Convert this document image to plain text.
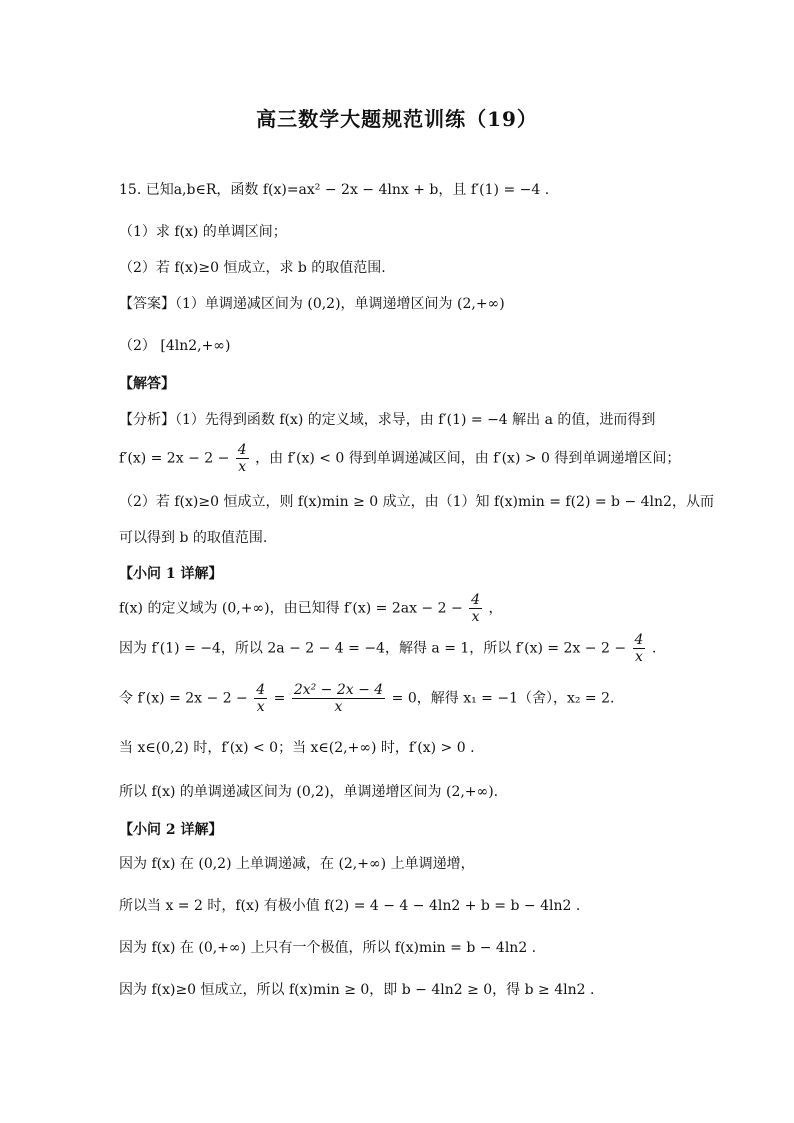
高三数学大题规范训练（19）
15. 已知a,b∈R，函数 f(x)=ax² − 2x − 4lnx + b，且 f′(1) = −4 .
（1）求 f(x) 的单调区间；
（2）若 f(x)≥0 恒成立，求 b 的取值范围.
【答案】（1）单调递减区间为 (0,2)，单调递增区间为 (2,+∞)
（2） [4ln2,+∞)
【解答】
【分析】（1）先得到函数 f(x) 的定义域，求导，由 f′(1) = −4 解出 a 的值，进而得到
$f'(x) = 2x - 2 - \frac{4}{x}$ ，由 f′(x) < 0 得到单调递减区间，由 f′(x) > 0 得到单调递增区间；
（2）若 f(x)≥0 恒成立，则 f(x)min ≥ 0 成立，由（1）知 f(x)min = f(2) = b − 4ln2，从而
可以得到 b 的取值范围.
【小问 1 详解】
f(x) 的定义域为 (0,+∞)，由已知得 $f'(x) = 2ax - 2 - \frac{4}{x}$ ，
因为 f′(1) = −4，所以 2a − 2 − 4 = −4，解得 a = 1，所以 $f'(x) = 2x - 2 - \frac{4}{x}$ .
令 $f'(x) = 2x - 2 - \frac{4}{x} = \frac{\text{2x² − 2x − 4}}{x} = 0$，解得 x₁ = −1（舍），x₂ = 2.
当 x∈(0,2) 时，f′(x) < 0；当 x∈(2,+∞) 时，f′(x) > 0 .
所以 f(x) 的单调递减区间为 (0,2)，单调递增区间为 (2,+∞).
【小问 2 详解】
因为 f(x) 在 (0,2) 上单调递减，在 (2,+∞) 上单调递增，
所以当 x = 2 时，f(x) 有极小值 f(2) = 4 − 4 − 4ln2 + b = b − 4ln2 .
因为 f(x) 在 (0,+∞) 上只有一个极值，所以 f(x)min = b − 4ln2 .
因为 f(x)≥0 恒成立，所以 f(x)min ≥ 0，即 b − 4ln2 ≥ 0，得 b ≥ 4ln2 .
